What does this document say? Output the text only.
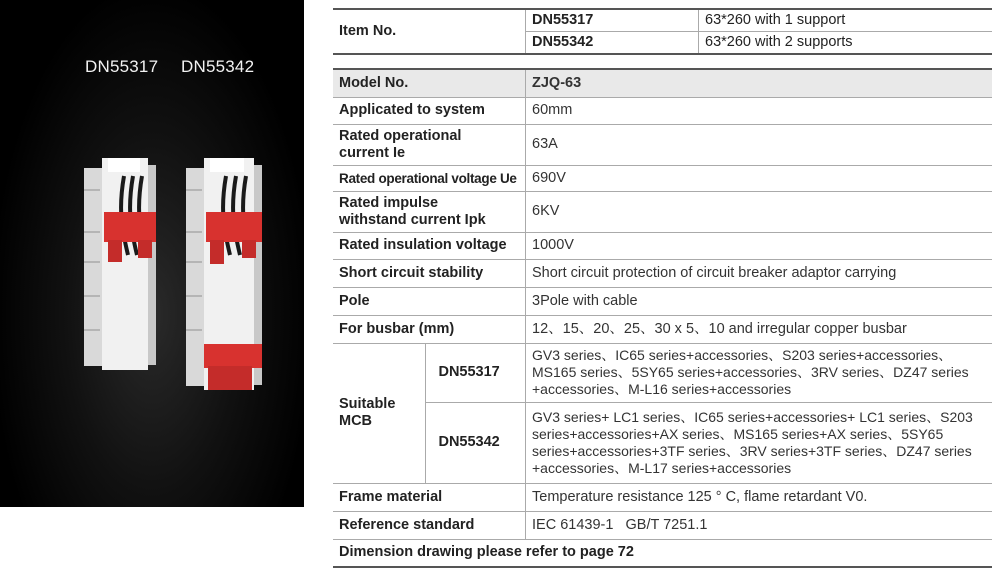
DN55317 DN55342
Item No.	DN55317	63*260 with 1 support
	DN55342	63*260 with 2 supports
Model No.		ZJQ-63
Applicated to system		60mm
Rated operational current Ie		63A
Rated operational voltage Ue		690V
Rated impulse withstand current Ipk		6KV
Rated insulation voltage		1000V
Short circuit stability		Short circuit protection of circuit breaker adaptor carrying
Pole		3Pole with cable
For busbar (mm)		12、15、20、25、30 x 5、10 and irregular copper busbar
Suitable MCB	DN55317	GV3 series、IC65 series+accessories、S203 series+accessories、MS165 series、5SY65 series+accessories、3RV series、DZ47 series +accessories、M-L16 series+accessories
	DN55342	GV3 series+ LC1 series、IC65 series+accessories+ LC1 series、S203 series+accessories+AX series、MS165 series+AX series、5SY65 series+accessories+3TF series、3RV series+3TF series、DZ47 series +accessories、M-L17 series+accessories
Frame material		Temperature resistance 125 ° C, flame retardant V0.
Reference standard		IEC 61439-1   GB/T 7251.1
Dimension drawing please refer to page 72		
